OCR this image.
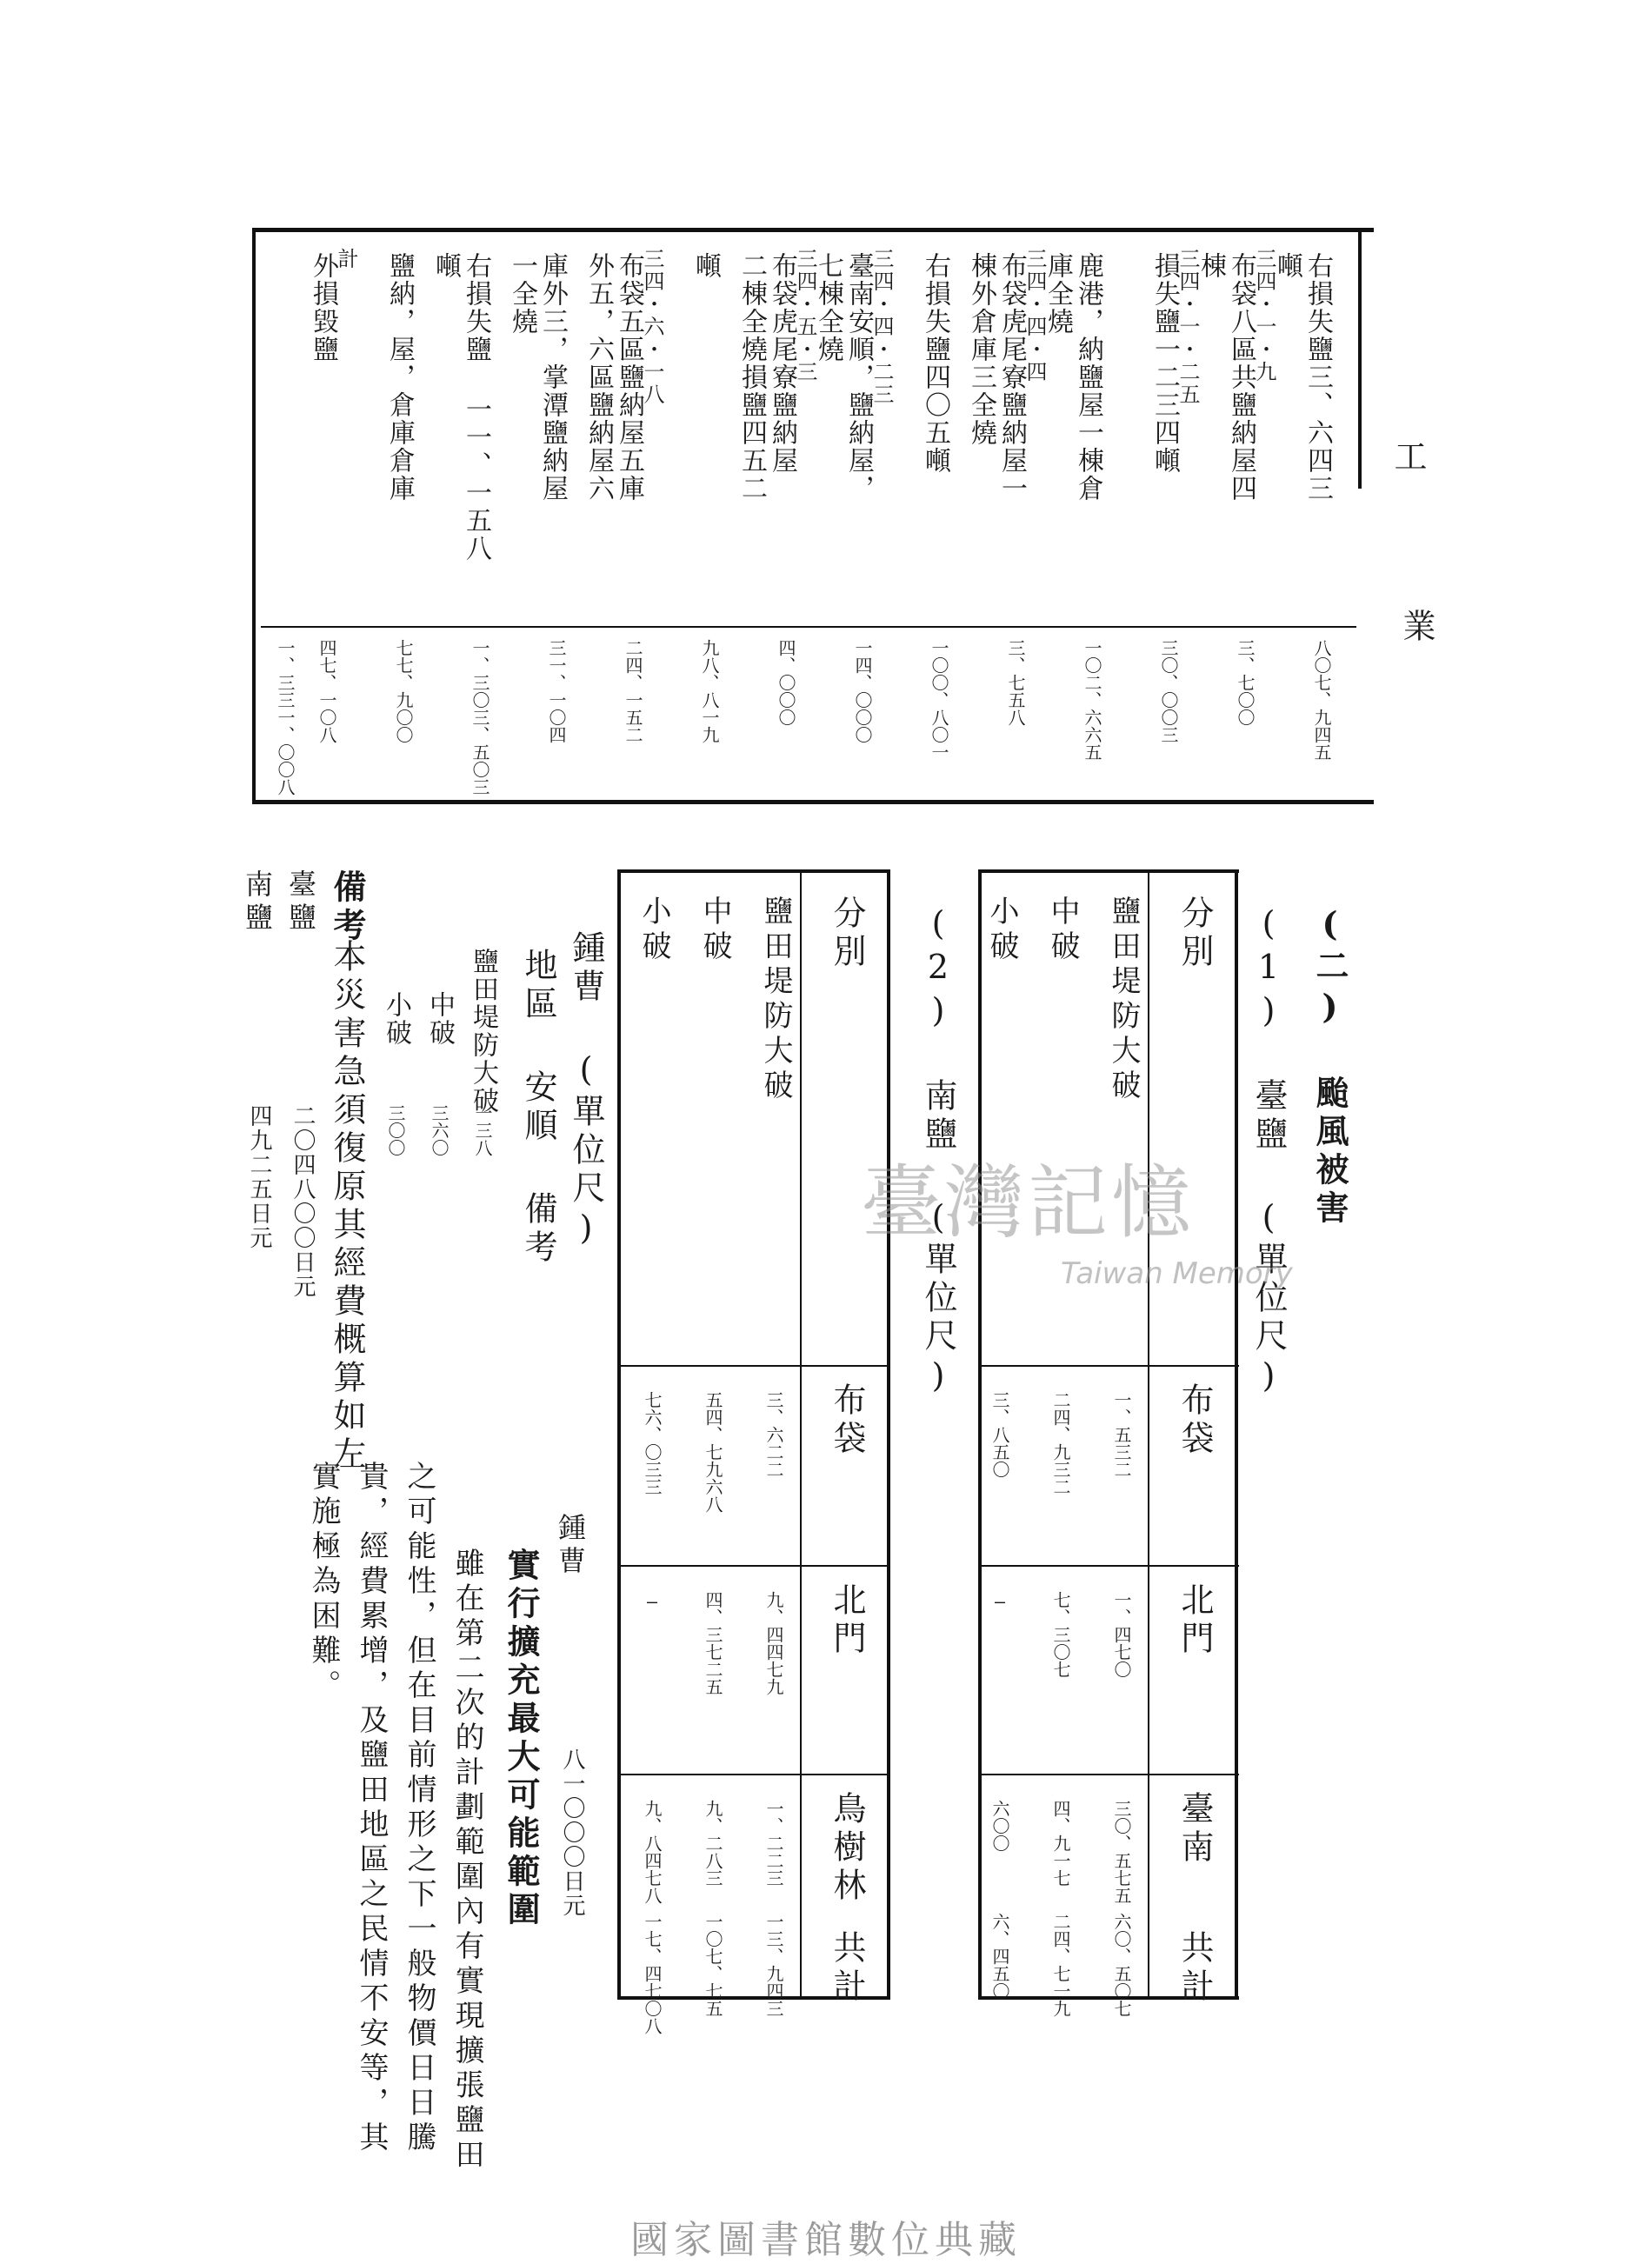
工
業
右損失鹽三、六四三
噸
八〇七、九四五
三四・一・九
布袋八區共鹽納屋四
棟
三、七〇〇
三四・一・二五
損失鹽一二三四噸
三〇、〇〇三
鹿港，納鹽屋一棟倉
庫全燒
一〇二、六六五
三四・四・四
布袋虎尾寮鹽納屋一
棟外倉庫三全燒
三、七五八
右損失鹽四〇五噸
一〇〇、八〇一
三四・四・二三
臺南安順，鹽納屋，
七棟全燒
一四、〇〇〇
三四・五・三
布袋虎尾寮鹽納屋
二棟全燒損鹽四五二
四、〇〇〇
噸
九八、八一九
三四・六・一八
布袋五區鹽納屋五庫
外五，六區鹽納屋六
二四、一五二
庫外三，掌潭鹽納屋
一全燒
三一、一〇四
右損失鹽 一一、一五八
噸
一、三〇三、五〇三
鹽納，屋，倉庫倉庫
七七、九〇〇
計
外損毀鹽
四七、一〇八
一、三三一、〇〇八
(二) 颱風被害
(1) 臺鹽 (單位尺)
分別
布袋
北門
臺南
共計
鹽田堤防大破
一、五三二
一、四七〇
三〇、五七五
六〇、五〇七
中破
二四、九三二
七、三〇七
四、九一七
二四、七一九
小破
三、八五〇
—
六〇〇
六、四五〇
(2) 南鹽 (單位尺)
分別
布袋
北門
鳥樹林
共計
鹽田堤防大破
三、六二二
九、四四七九
一、二二三
一三、九四三
中破
五四、七九六八
四、三七二五
九、二八三
一〇七、七五
小破
七六、〇三三
—
九、八四七八
一七、四七〇八
鍾曹 (單位尺)
地區
安順
備考
鹽田堤防大破
一三八
中破
三六〇
小破
三〇〇
備考
本災害急須復原其經費概算如左
臺鹽
二〇四八〇〇日元
南鹽
四九二五日元
鍾曹
八一〇〇〇日元
實行擴充最大可能範圍
雖在第二次的計劃範圍內有實現擴張鹽田
之可能性，但在目前情形之下一般物價日日騰
貴，經費累增，及鹽田地區之民情不安等，其
實施極為困難。
臺灣記憶
Taiwan Memory
國家圖書館數位典藏
